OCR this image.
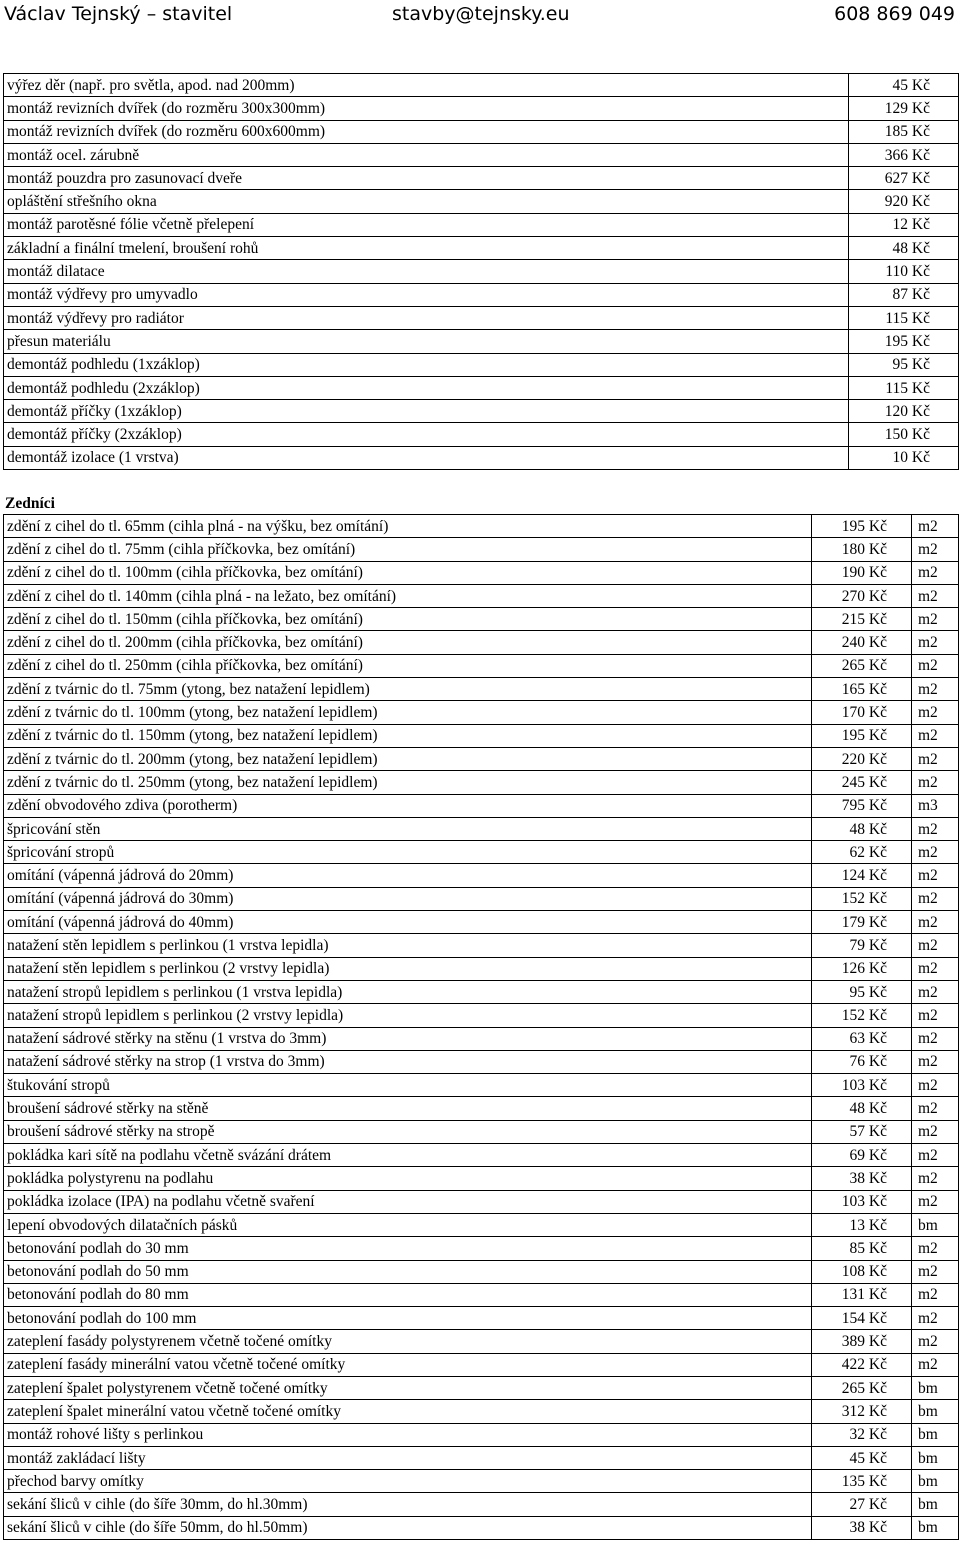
Václav Tejnský – stavitel	stavby@tejnsky.eu	608 869 049
výřez děr (např. pro světla, apod. nad 200mm)	45 Kč
montáž revizních dvířek (do rozměru 300x300mm)	129 Kč
montáž revizních dvířek (do rozměru 600x600mm)	185 Kč
montáž ocel. zárubně	366 Kč
montáž pouzdra pro zasunovací dveře	627 Kč
opláštění střešního okna	920 Kč
montáž parotěsné fólie včetně přelepení	12 Kč
základní a finální tmelení, broušení rohů	48 Kč
montáž dilatace	110 Kč
montáž výdřevy pro umyvadlo	87 Kč
montáž výdřevy pro radiátor	115 Kč
přesun materiálu	195 Kč
demontáž podhledu (1xzáklop)	95 Kč
demontáž podhledu (2xzáklop)	115 Kč
demontáž příčky (1xzáklop)	120 Kč
demontáž příčky (2xzáklop)	150 Kč
demontáž izolace (1 vrstva)	10 Kč
Zedníci
zdění z cihel do tl. 65mm (cihla plná - na výšku, bez omítání)	195 Kč	m2
zdění z cihel do tl. 75mm (cihla příčkovka, bez omítání)	180 Kč	m2
zdění z cihel do tl. 100mm (cihla příčkovka, bez omítání)	190 Kč	m2
zdění z cihel do tl. 140mm (cihla plná - na ležato, bez omítání)	270 Kč	m2
zdění z cihel do tl. 150mm (cihla příčkovka, bez omítání)	215 Kč	m2
zdění z cihel do tl. 200mm (cihla příčkovka, bez omítání)	240 Kč	m2
zdění z cihel do tl. 250mm (cihla příčkovka, bez omítání)	265 Kč	m2
zdění z tvárnic do tl. 75mm (ytong, bez natažení lepidlem)	165 Kč	m2
zdění z tvárnic do tl. 100mm (ytong, bez natažení lepidlem)	170 Kč	m2
zdění z tvárnic do tl. 150mm (ytong, bez natažení lepidlem)	195 Kč	m2
zdění z tvárnic do tl. 200mm (ytong, bez natažení lepidlem)	220 Kč	m2
zdění z tvárnic do tl. 250mm (ytong, bez natažení lepidlem)	245 Kč	m2
zdění obvodového zdiva (porotherm)	795 Kč	m3
špricování stěn	48 Kč	m2
špricování stropů	62 Kč	m2
omítání (vápenná jádrová do 20mm)	124 Kč	m2
omítání (vápenná jádrová do 30mm)	152 Kč	m2
omítání (vápenná jádrová do 40mm)	179 Kč	m2
natažení stěn lepidlem s perlinkou (1 vrstva lepidla)	79 Kč	m2
natažení stěn lepidlem s perlinkou (2 vrstvy lepidla)	126 Kč	m2
natažení stropů lepidlem s perlinkou (1 vrstva lepidla)	95 Kč	m2
natažení stropů lepidlem s perlinkou (2 vrstvy lepidla)	152 Kč	m2
natažení sádrové stěrky na stěnu (1 vrstva do 3mm)	63 Kč	m2
natažení sádrové stěrky na strop (1 vrstva do 3mm)	76 Kč	m2
štukování stropů	103 Kč	m2
broušení sádrové stěrky na stěně	48 Kč	m2
broušení sádrové stěrky na stropě	57 Kč	m2
pokládka kari sítě na podlahu včetně svázání drátem	69 Kč	m2
pokládka polystyrenu na podlahu	38 Kč	m2
pokládka izolace (IPA) na podlahu včetně svaření	103 Kč	m2
lepení obvodových dilatačních pásků	13 Kč	bm
betonování podlah do 30 mm	85 Kč	m2
betonování podlah do 50 mm	108 Kč	m2
betonování podlah do 80 mm	131 Kč	m2
betonování podlah do 100 mm	154 Kč	m2
zateplení fasády polystyrenem včetně točené omítky	389 Kč	m2
zateplení fasády minerální vatou včetně točené omítky	422 Kč	m2
zateplení špalet polystyrenem včetně točené omítky	265 Kč	bm
zateplení špalet minerální vatou včetně točené omítky	312 Kč	bm
montáž rohové lišty s perlinkou	32 Kč	bm
montáž zakládací lišty	45 Kč	bm
přechod barvy omítky	135 Kč	bm
sekání šliců v cihle (do šíře 30mm, do hl.30mm)	27 Kč	bm
sekání šliců v cihle (do šíře 50mm, do hl.50mm)	38 Kč	bm
